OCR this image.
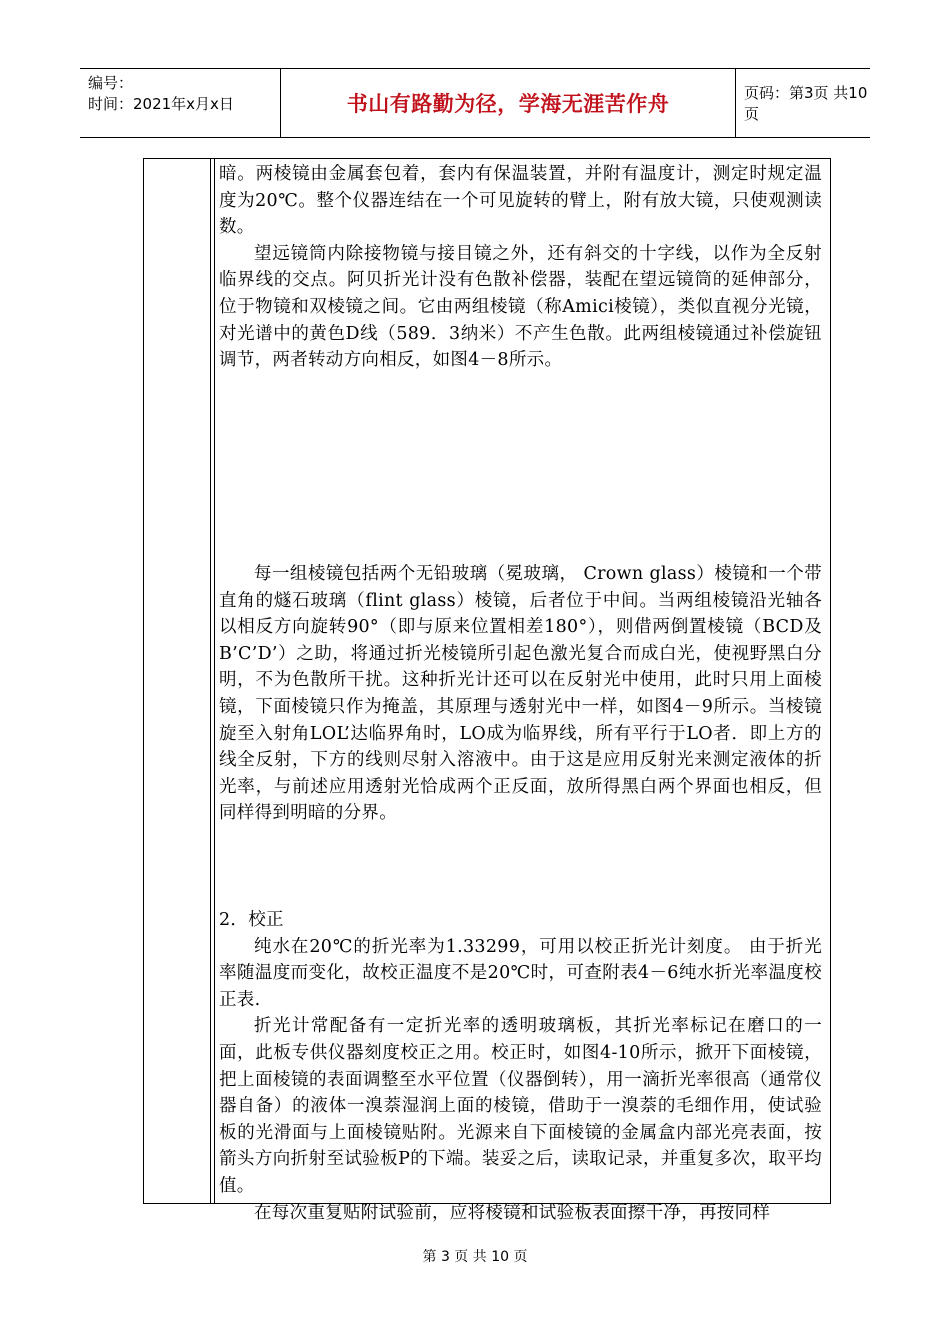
编号：
时间：2021年x月x日	书山有路勤为径，学海无涯苦作舟	页码：第3页 共10页

暗。两棱镜由金属套包着，套内有保温装置，并附有温度计，测定时规定温度为20℃。整个仪器连结在一个可见旋转的臂上，附有放大镜，只使观测读数。

望远镜筒内除接物镜与接目镜之外，还有斜交的十字线，以作为全反射临界线的交点。阿贝折光计没有色散补偿器，装配在望远镜筒的延伸部分，位于物镜和双棱镜之间。它由两组棱镜（称Amici棱镜），类似直视分光镜，对光谱中的黄色D线（589．3纳米）不产生色散。此两组棱镜通过补偿旋钮调节，两者转动方向相反，如图4－8所示。

每一组棱镜包括两个无铅玻璃（冕玻璃， Crown glass）棱镜和一个带直角的燧石玻璃（flint glass）棱镜，后者位于中间。当两组棱镜沿光轴各以相反方向旋转90°（即与原来位置相差180°），则借两倒置棱镜（BCD及B’C’D’）之助，将通过折光棱镜所引起色激光复合而成白光，使视野黑白分明，不为色散所干扰。这种折光计还可以在反射光中使用，此时只用上面棱镜，下面棱镜只作为掩盖，其原理与透射光中一样，如图4－9所示。当棱镜旋至入射角LOL’达临界角时，LO成为临界线，所有平行于LO者．即上方的线全反射，下方的线则尽射入溶液中。由于这是应用反射光来测定液体的折光率，与前述应用透射光恰成两个正反面，放所得黑白两个界面也相反，但同样得到明暗的分界。

2．校正

纯水在20℃的折光率为1.33299，可用以校正折光计刻度。 由于折光率随温度而变化，故校正温度不是20℃时，可查附表4－6纯水折光率温度校正表.

折光计常配备有一定折光率的透明玻璃板，其折光率标记在磨口的一面，此板专供仪器刻度校正之用。校正时，如图4-10所示，掀开下面棱镜，把上面棱镜的表面调整至水平位置（仪器倒转），用一滴折光率很高（通常仪器自备）的液体一溴萘湿润上面的棱镜，借助于一溴萘的毛细作用，使试验板的光滑面与上面棱镜贴附。光源来自下面棱镜的金属盒内部光亮表面，按箭头方向折射至试验板P的下端。装妥之后，读取记录，并重复多次，取平均值。

在每次重复贴附试验前，应将棱镜和试验板表面擦干净，再按同样

第 3 页 共 10 页
